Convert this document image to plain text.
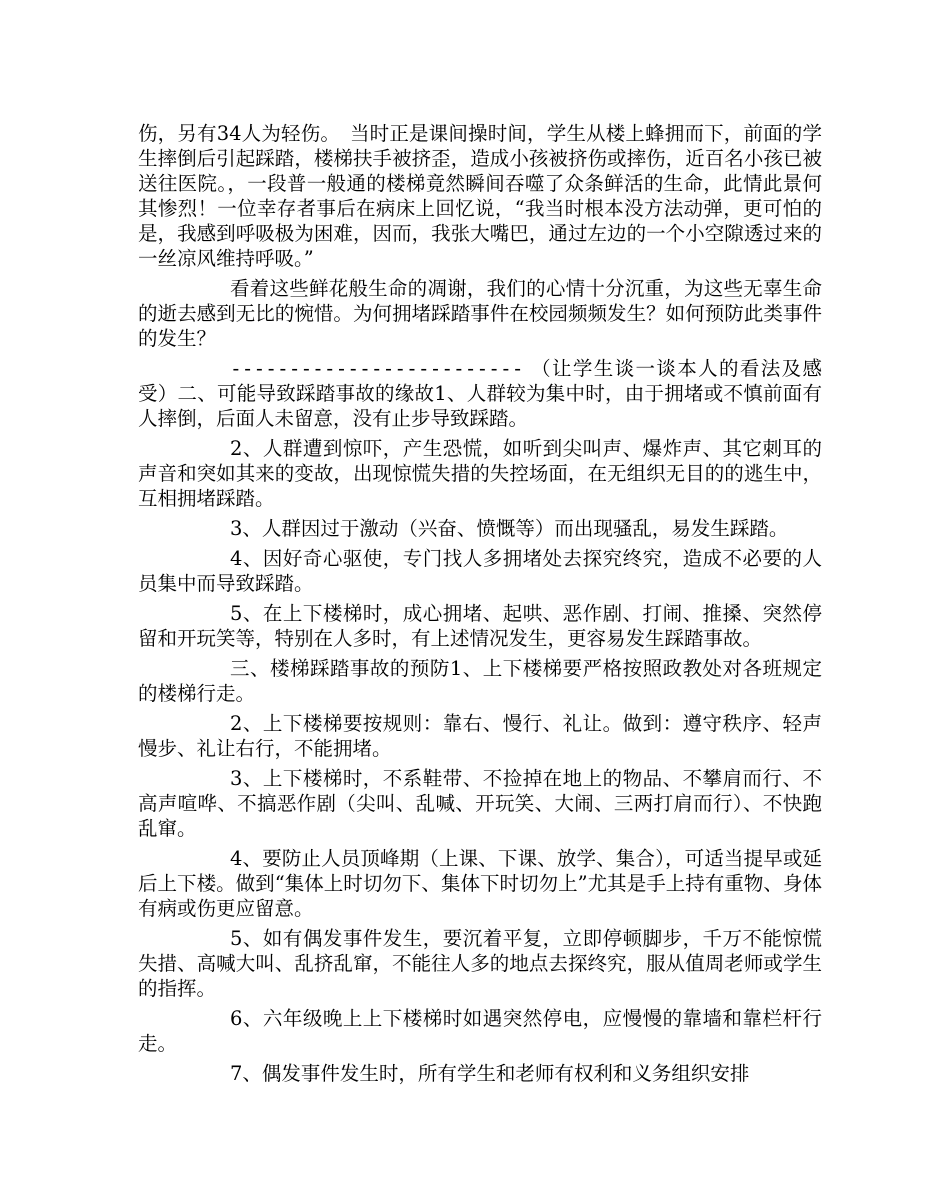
伤，另有34人为轻伤。　当时正是课间操时间，学生从楼上蜂拥而下，前面的学生摔倒后引起踩踏，楼梯扶手被挤歪，造成小孩被挤伤或摔伤，近百名小孩已被送往医院。，一段普一般通的楼梯竟然瞬间吞噬了众条鲜活的生命，此情此景何其惨烈！一位幸存者事后在病床上回忆说，“我当时根本没方法动弹，更可怕的是，我感到呼吸极为困难，因而，我张大嘴巴，通过左边的一个小空隙透过来的一丝凉风维持呼吸。”

看着这些鲜花般生命的凋谢，我们的心情十分沉重，为这些无辜生命的逝去感到无比的惋惜。为何拥堵踩踏事件在校园频频发生？如何预防此类事件的发生？

------------------------- （让学生谈一谈本人的看法及感受）二、可能导致踩踏事故的缘故1、人群较为集中时，由于拥堵或不慎前面有人摔倒，后面人未留意，没有止步导致踩踏。

2、人群遭到惊吓，产生恐慌，如听到尖叫声、爆炸声、其它刺耳的声音和突如其来的变故，出现惊慌失措的失控场面，在无组织无目的的逃生中，互相拥堵踩踏。

3、人群因过于激动（兴奋、愤慨等）而出现骚乱，易发生踩踏。

4、因好奇心驱使，专门找人多拥堵处去探究终究，造成不必要的人员集中而导致踩踏。

5、在上下楼梯时，成心拥堵、起哄、恶作剧、打闹、推搡、突然停留和开玩笑等，特别在人多时，有上述情况发生，更容易发生踩踏事故。

三、楼梯踩踏事故的预防1、上下楼梯要严格按照政教处对各班规定的楼梯行走。

2、上下楼梯要按规则：靠右、慢行、礼让。做到：遵守秩序、轻声慢步、礼让右行，不能拥堵。

3、上下楼梯时，不系鞋带、不捡掉在地上的物品、不攀肩而行、不高声喧哗、不搞恶作剧（尖叫、乱喊、开玩笑、大闹、三两打肩而行）、不快跑乱窜。

4、要防止人员顶峰期（上课、下课、放学、集合），可适当提早或延后上下楼。做到“集体上时切勿下、集体下时切勿上”尤其是手上持有重物、身体有病或伤更应留意。

5、如有偶发事件发生，要沉着平复，立即停顿脚步，千万不能惊慌失措、高喊大叫、乱挤乱窜，不能往人多的地点去探终究，服从值周老师或学生的指挥。

6、六年级晚上上下楼梯时如遇突然停电，应慢慢的靠墙和靠栏杆行走。

7、偶发事件发生时，所有学生和老师有权利和义务组织安排
